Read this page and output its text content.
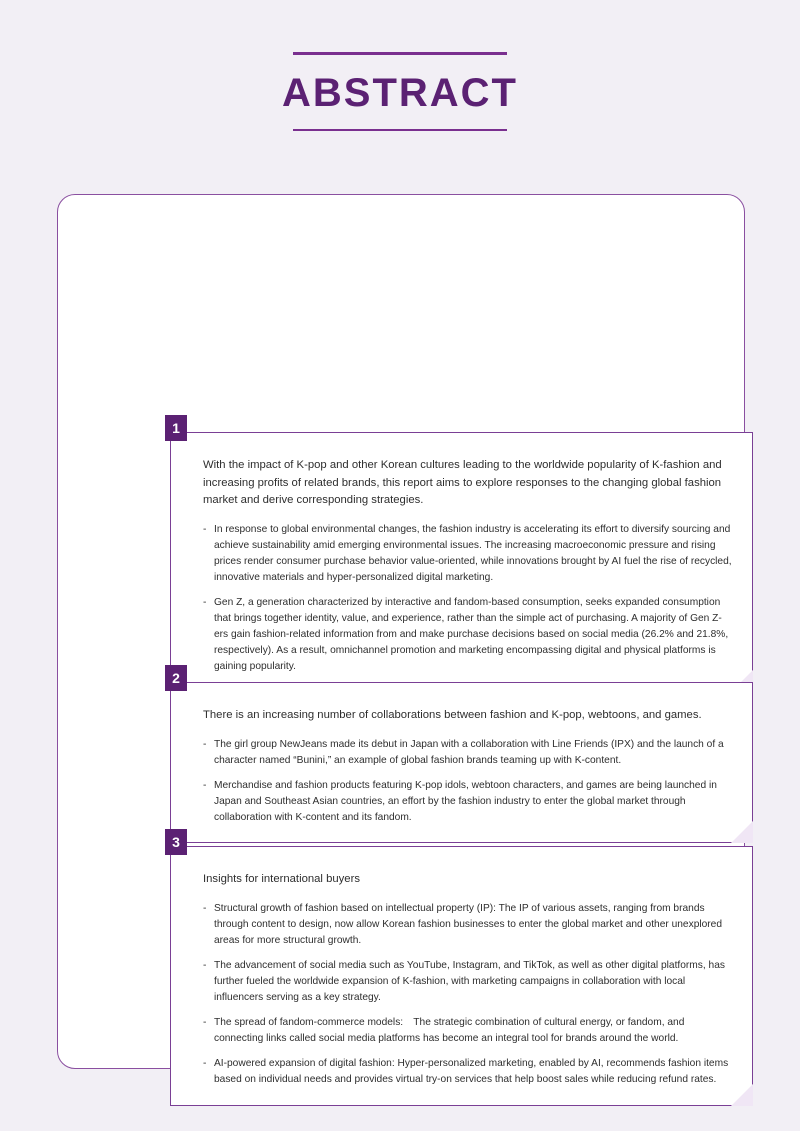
ABSTRACT
1

With the impact of K-pop and other Korean cultures leading to the worldwide popularity of K-fashion and increasing profits of related brands, this report aims to explore responses to the changing global fashion market and derive corresponding strategies.

- In response to global environmental changes, the fashion industry is accelerating its effort to diversify sourcing and achieve sustainability amid emerging environmental issues. The increasing macroeconomic pressure and rising prices render consumer purchase behavior value-oriented, while innovations brought by AI fuel the rise of recycled, innovative materials and hyper-personalized digital marketing.
- Gen Z, a generation characterized by interactive and fandom-based consumption, seeks expanded consumption that brings together identity, value, and experience, rather than the simple act of purchasing. A majority of Gen Z-ers gain fashion-related information from and make purchase decisions based on social media (26.2% and 21.8%, respectively). As a result, omnichannel promotion and marketing encompassing digital and physical platforms is gaining popularity.
2

There is an increasing number of collaborations between fashion and K-pop, webtoons, and games.

- The girl group NewJeans made its debut in Japan with a collaboration with Line Friends (IPX) and the launch of a character named “Bunini,” an example of global fashion brands teaming up with K-content.
- Merchandise and fashion products featuring K-pop idols, webtoon characters, and games are being launched in Japan and Southeast Asian countries, an effort by the fashion industry to enter the global market through collaboration with K-content and its fandom.
3

Insights for international buyers

- Structural growth of fashion based on intellectual property (IP): The IP of various assets, ranging from brands through content to design, now allow Korean fashion businesses to enter the global market and other unexplored areas for more structural growth.
- The advancement of social media such as YouTube, Instagram, and TikTok, as well as other digital platforms, has further fueled the worldwide expansion of K-fashion, with marketing campaigns in collaboration with local influencers serving as a key strategy.
- The spread of fandom-commerce models: The strategic combination of cultural energy, or fandom, and connecting links called social media platforms has become an integral tool for brands around the world.
- AI-powered expansion of digital fashion: Hyper-personalized marketing, enabled by AI, recommends fashion items based on individual needs and provides virtual try-on services that help boost sales while reducing refund rates.
